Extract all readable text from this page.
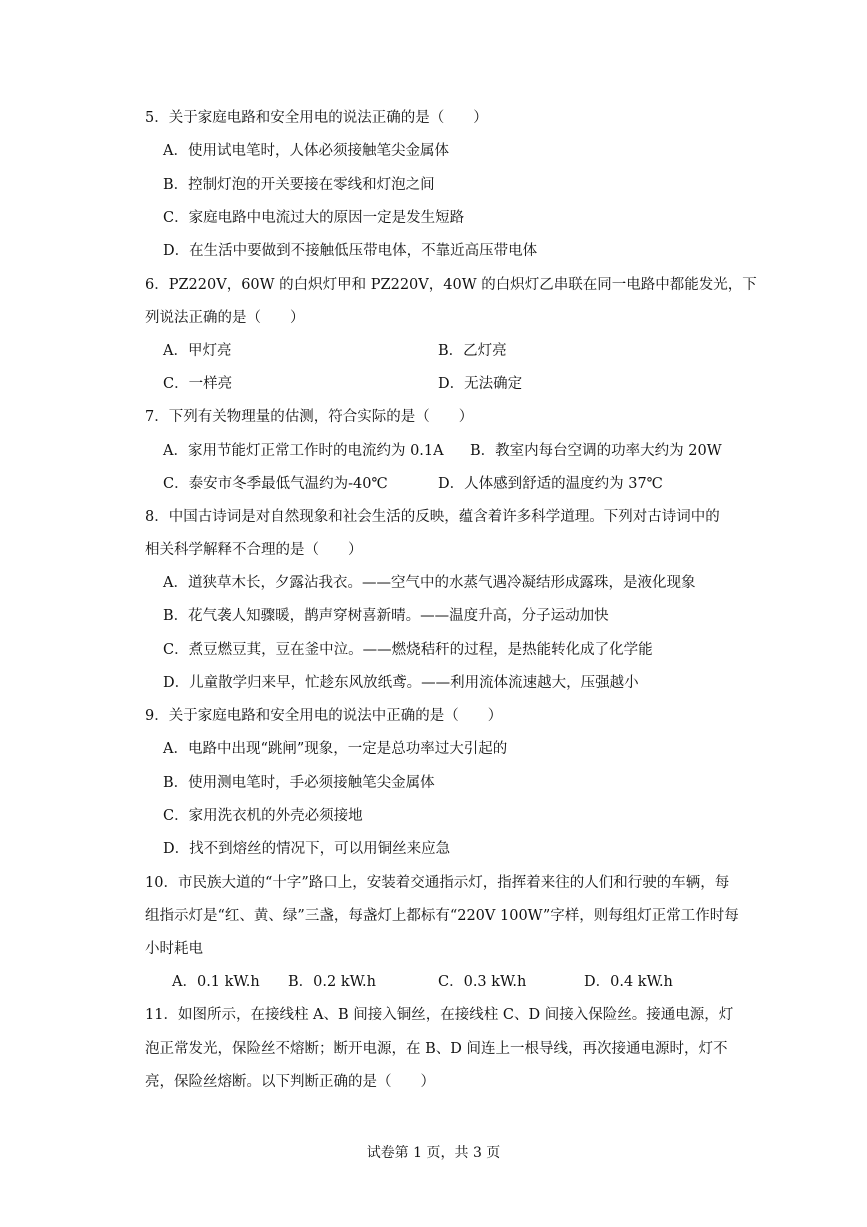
5．关于家庭电路和安全用电的说法正确的是（　　）
A．使用试电笔时，人体必须接触笔尖金属体
B．控制灯泡的开关要接在零线和灯泡之间
C．家庭电路中电流过大的原因一定是发生短路
D．在生活中要做到不接触低压带电体，不靠近高压带电体
6．PZ220V，60W 的白炽灯甲和 PZ220V，40W 的白炽灯乙串联在同一电路中都能发光，下
列说法正确的是（　　）
A．甲灯亮	B．乙灯亮
C．一样亮	D．无法确定
7．下列有关物理量的估测，符合实际的是（　　）
A．家用节能灯正常工作时的电流约为 0.1A B．教室内每台空调的功率大约为 20W
C．泰安市冬季最低气温约为-40℃	D．人体感到舒适的温度约为 37℃
8．中国古诗词是对自然现象和社会生活的反映，蕴含着许多科学道理。下列对古诗词中的
相关科学解释不合理的是（　　）
A．道狭草木长，夕露沾我衣。——空气中的水蒸气遇冷凝结形成露珠，是液化现象
B．花气袭人知骤暖，鹊声穿树喜新晴。——温度升高，分子运动加快
C．煮豆燃豆萁，豆在釜中泣。——燃烧秸秆的过程，是热能转化成了化学能
D．儿童散学归来早，忙趁东风放纸鸢。——利用流体流速越大，压强越小
9．关于家庭电路和安全用电的说法中正确的是（　　）
A．电路中出现“跳闸”现象，一定是总功率过大引起的
B．使用测电笔时，手必须接触笔尖金属体
C．家用洗衣机的外壳必须接地
D．找不到熔丝的情况下，可以用铜丝来应急
10．市民族大道的“十字”路口上，安装着交通指示灯，指挥着来往的人们和行驶的车辆，每
组指示灯是“红、黄、绿”三盏，每盏灯上都标有“220V 100W”字样，则每组灯正常工作时每
小时耗电
A．0.1 kW.h B．0.2 kW.h	C．0.3 kW.h	D．0.4 kW.h
11．如图所示，在接线柱 A、B 间接入铜丝，在接线柱 C、D 间接入保险丝。接通电源，灯
泡正常发光，保险丝不熔断；断开电源，在 B、D 间连上一根导线，再次接通电源时，灯不
亮，保险丝熔断。以下判断正确的是（　　）
试卷第 1 页，共 3 页
